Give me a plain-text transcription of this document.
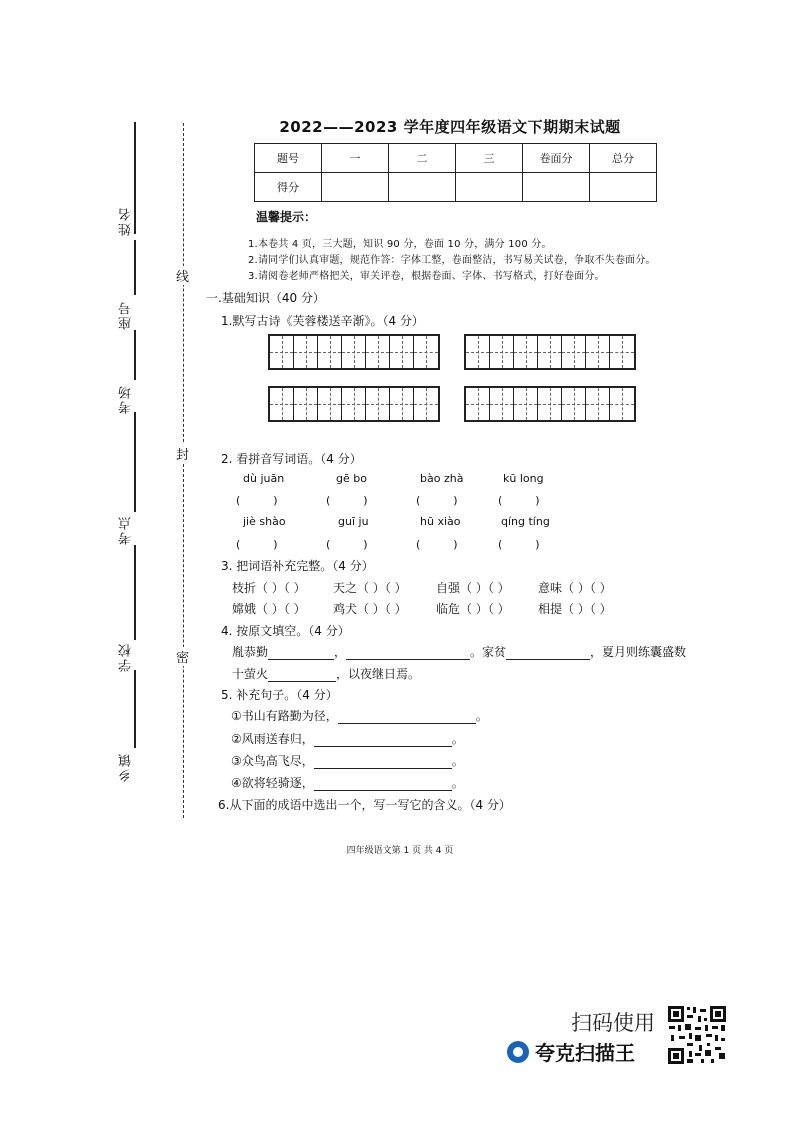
姓名
座号
考场
考点
学校
乡镇
线
封
密
2022——2023 学年度四年级语文下期期末试题
题号	一	二	三	卷面分	总分
得分					
温馨提示：
1.本卷共 4 页，三大题，知识 90 分，卷面 10 分，满分 100 分。
2.请同学们认真审题，规范作答：字体工整，卷面整洁，书写易关试卷，争取不失卷面分。
3.请阅卷老师严格把关，审关评卷，根据卷面、字体、书写格式，打好卷面分。
一.基础知识（40 分）
1.默写古诗《芙蓉楼送辛渐》。（4 分）
2. 看拼音写词语。（4 分）
dù juān	gē bo	bào zhà	kū long
(　　　)	(　　　)	(　　　)	(　　　)
jiè shào	guī ju	hū xiào	qíng tíng
(　　　)	(　　　)	(　　　)	(　　　)
3. 把词语补充完整。（4 分）
枝折（ ）（ ） 天之（ ）（ ） 自强（ ）（ ） 意味（ ）（ ）
嫦娥（ ）（ ） 鸡犬（ ）（ ） 临危（ ）（ ） 相提（ ）（ ）
4. 按原文填空。（4 分）
胤恭勤	，	。家贫	，夏月则练囊盛数
十萤火	，以夜继日焉。
5. 补充句子。（4 分）
①书山有路勤为径，	。
②风雨送春归，	。
③众鸟高飞尽，	。
④欲将轻骑逐，	。
6.从下面的成语中选出一个，写一写它的含义。（4 分）
四年级语文第 1 页 共 4 页
扫码使用
夸克扫描王
